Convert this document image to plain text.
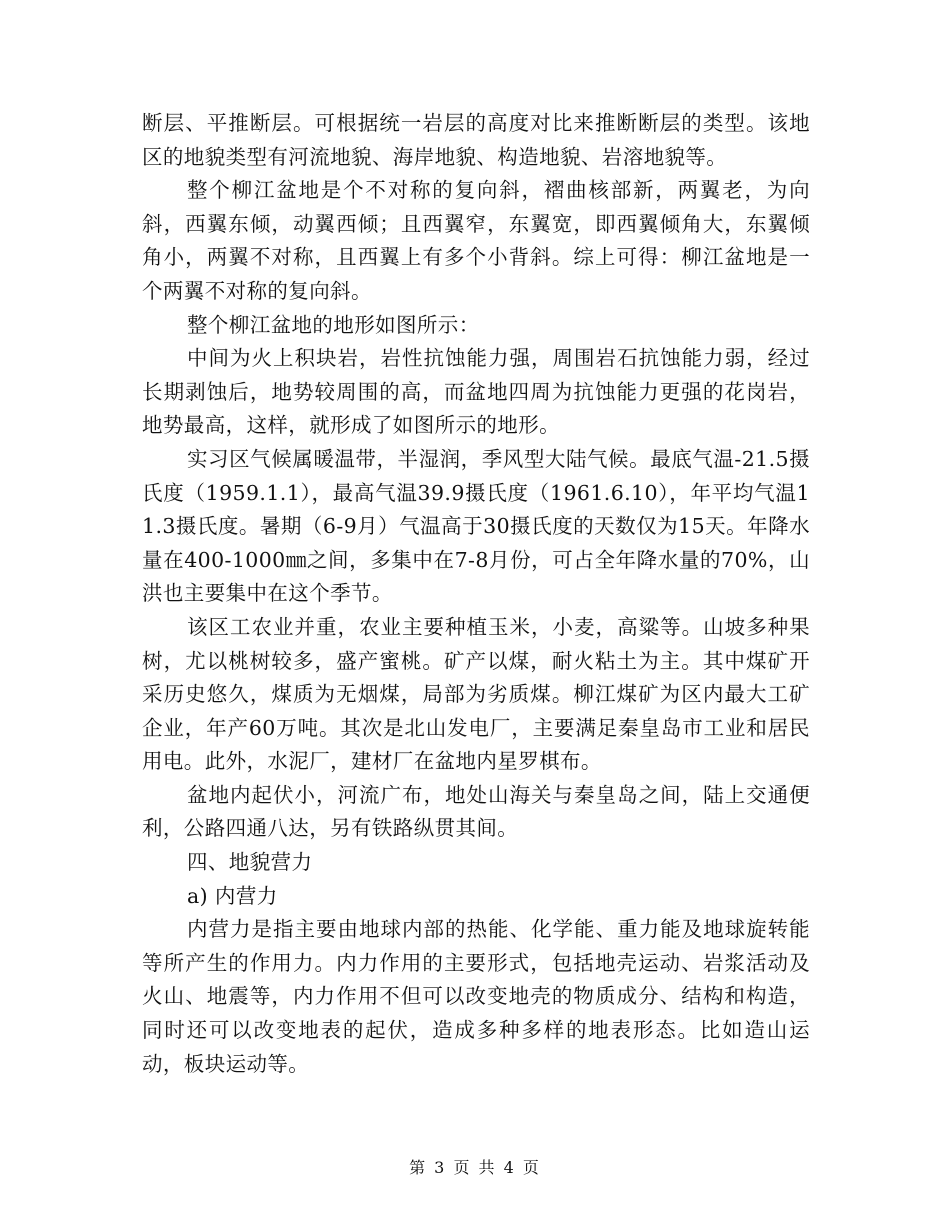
断层、平推断层。可根据统一岩层的高度对比来推断断层的类型。该地区的地貌类型有河流地貌、海岸地貌、构造地貌、岩溶地貌等。

整个柳江盆地是个不对称的复向斜，褶曲核部新，两翼老，为向斜，西翼东倾，动翼西倾；且西翼窄，东翼宽，即西翼倾角大，东翼倾角小，两翼不对称，且西翼上有多个小背斜。综上可得：柳江盆地是一个两翼不对称的复向斜。

整个柳江盆地的地形如图所示：

中间为火上积块岩，岩性抗蚀能力强，周围岩石抗蚀能力弱，经过长期剥蚀后，地势较周围的高，而盆地四周为抗蚀能力更强的花岗岩，地势最高，这样，就形成了如图所示的地形。

实习区气候属暖温带，半湿润，季风型大陆气候。最底气温-21.5摄氏度（1959.1.1），最高气温39.9摄氏度（1961.6.10），年平均气温11.3摄氏度。暑期（6-9月）气温高于30摄氏度的天数仅为15天。年降水量在400-1000㎜之间，多集中在7-8月份，可占全年降水量的70%，山洪也主要集中在这个季节。

该区工农业并重，农业主要种植玉米，小麦，高粱等。山坡多种果树，尤以桃树较多，盛产蜜桃。矿产以煤，耐火粘土为主。其中煤矿开采历史悠久，煤质为无烟煤，局部为劣质煤。柳江煤矿为区内最大工矿企业，年产60万吨。其次是北山发电厂，主要满足秦皇岛市工业和居民用电。此外，水泥厂，建材厂在盆地内星罗棋布。

盆地内起伏小，河流广布，地处山海关与秦皇岛之间，陆上交通便利，公路四通八达，另有铁路纵贯其间。

四、地貌营力

a) 内营力

内营力是指主要由地球内部的热能、化学能、重力能及地球旋转能等所产生的作用力。内力作用的主要形式，包括地壳运动、岩浆活动及火山、地震等，内力作用不但可以改变地壳的物质成分、结构和构造，同时还可以改变地表的起伏，造成多种多样的地表形态。比如造山运动，板块运动等。

第 3 页 共 4 页
